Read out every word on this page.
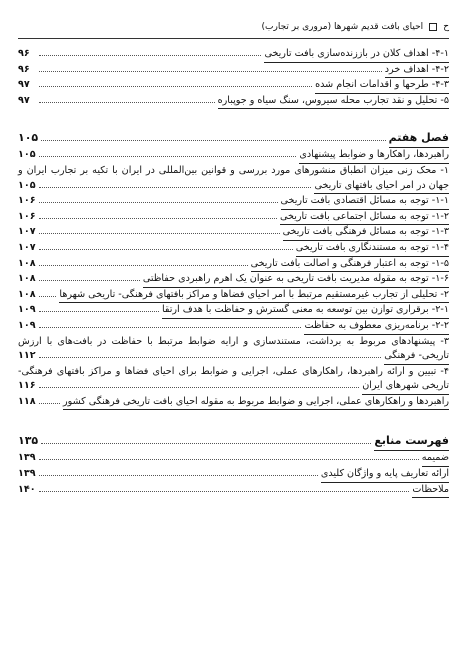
ح
احیای بافت قدیم شهرها (مروری بر تجارب)
۴-۱- اهداف کلان در باززنده‌سازی بافت تاریخی
۹۶
۴-۲- اهداف خرد
۹۶
۴-۳- طرحها و اقدامات انجام شده
۹۷
۵- تحلیل و نقد تجارب محله سیروس، سنگ سیاه و جوپباره
۹۷
فصل هفتم
۱۰۵
راهبردها، راهکارها و ضوابط پیشنهادی
۱۰۵
۱- محک زنی میزان انطباق منشورهای مورد بررسی و قوانین بین‌المللی در ایران با تکیه بر تجارب ایران و
جهان در امر احیای بافتهای تاریخی
۱۰۵
۱-۱- توجه به مسائل اقتصادی بافت تاریخی
۱۰۶
۱-۲- توجه به مسائل اجتماعی بافت تاریخی
۱۰۶
۱-۳- توجه به مسائل فرهنگی بافت تاریخی
۱۰۷
۱-۴- توجه به مستندنگاری بافت تاریخی
۱۰۷
۱-۵- توجه به اعتبار فرهنگی و اصالت بافت تاریخی
۱۰۸
۱-۶- توجه به مقوله مدیریت بافت تاریخی به عنوان یک اهرم راهبردی حفاظتی
۱۰۸
۲- تحلیلی از تجارب غیرمستقیم مرتبط با امر احیای فضاها و مراکز بافتهای فرهنگی- تاریخی شهرها
۱۰۸
۲-۱- برقراری توازن بین توسعه به معنی گسترش و حفاظت با هدف ارتقا
۱۰۹
۲-۲- برنامه‌ریزی معطوف به حفاظت
۱۰۹
۳- پیشنهادهای مربوط به برداشت، مستندسازی و ارایه ضوابط مرتبط با حفاظت در بافت‌های با ارزش
تاریخی- فرهنگی
۱۱۲
۴- تبیین و ارائه راهبردها، راهکارهای عملی، اجرایی و ضوابط برای احیای فضاها و مراکز بافتهای فرهنگی-
تاریخی شهرهای ایران
۱۱۶
راهبردها و راهکارهای عملی، اجرایی و ضوابط مربوط به مقوله احیای بافت تاریخی فرهنگی کشور
۱۱۸
فهرست منابع
۱۳۵
ضمیمه
۱۳۹
ارائه تعاریف پایه و واژگان کلیدی
۱۳۹
ملاحظات
۱۴۰
